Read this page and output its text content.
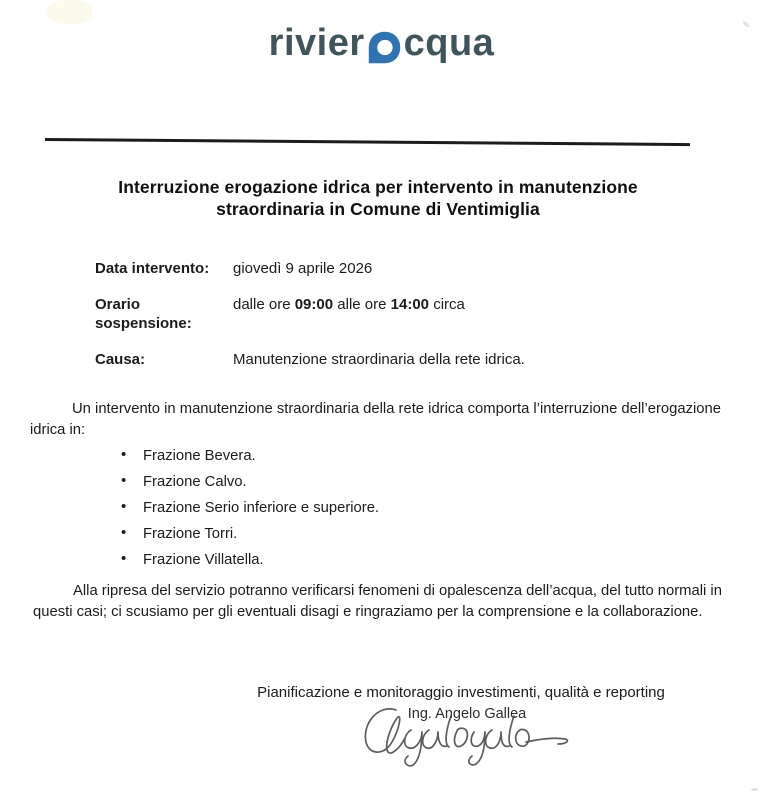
rivier cqua
Interruzione erogazione idrica per intervento in manutenzione straordinaria in Comune di Ventimiglia
Data intervento:	giovedì 9 aprile 2026
Orario sospensione:
dalle ore 09:00 alle ore 14:00 circa
Causa:	Manutenzione straordinaria della rete idrica.

Un intervento in manutenzione straordinaria della rete idrica comporta l’interruzione dell’erogazione idrica in:

• Frazione Bevera.
• Frazione Calvo.
• Frazione Serio inferiore e superiore.
• Frazione Torri.
• Frazione Villatella.

Alla ripresa del servizio potranno verificarsi fenomeni di opalescenza dell’acqua, del tutto normali in questi casi; ci scusiamo per gli eventuali disagi e ringraziamo per la comprensione e la collaborazione.

Pianificazione e monitoraggio investimenti, qualità e reporting
Ing. Angelo Gallea
